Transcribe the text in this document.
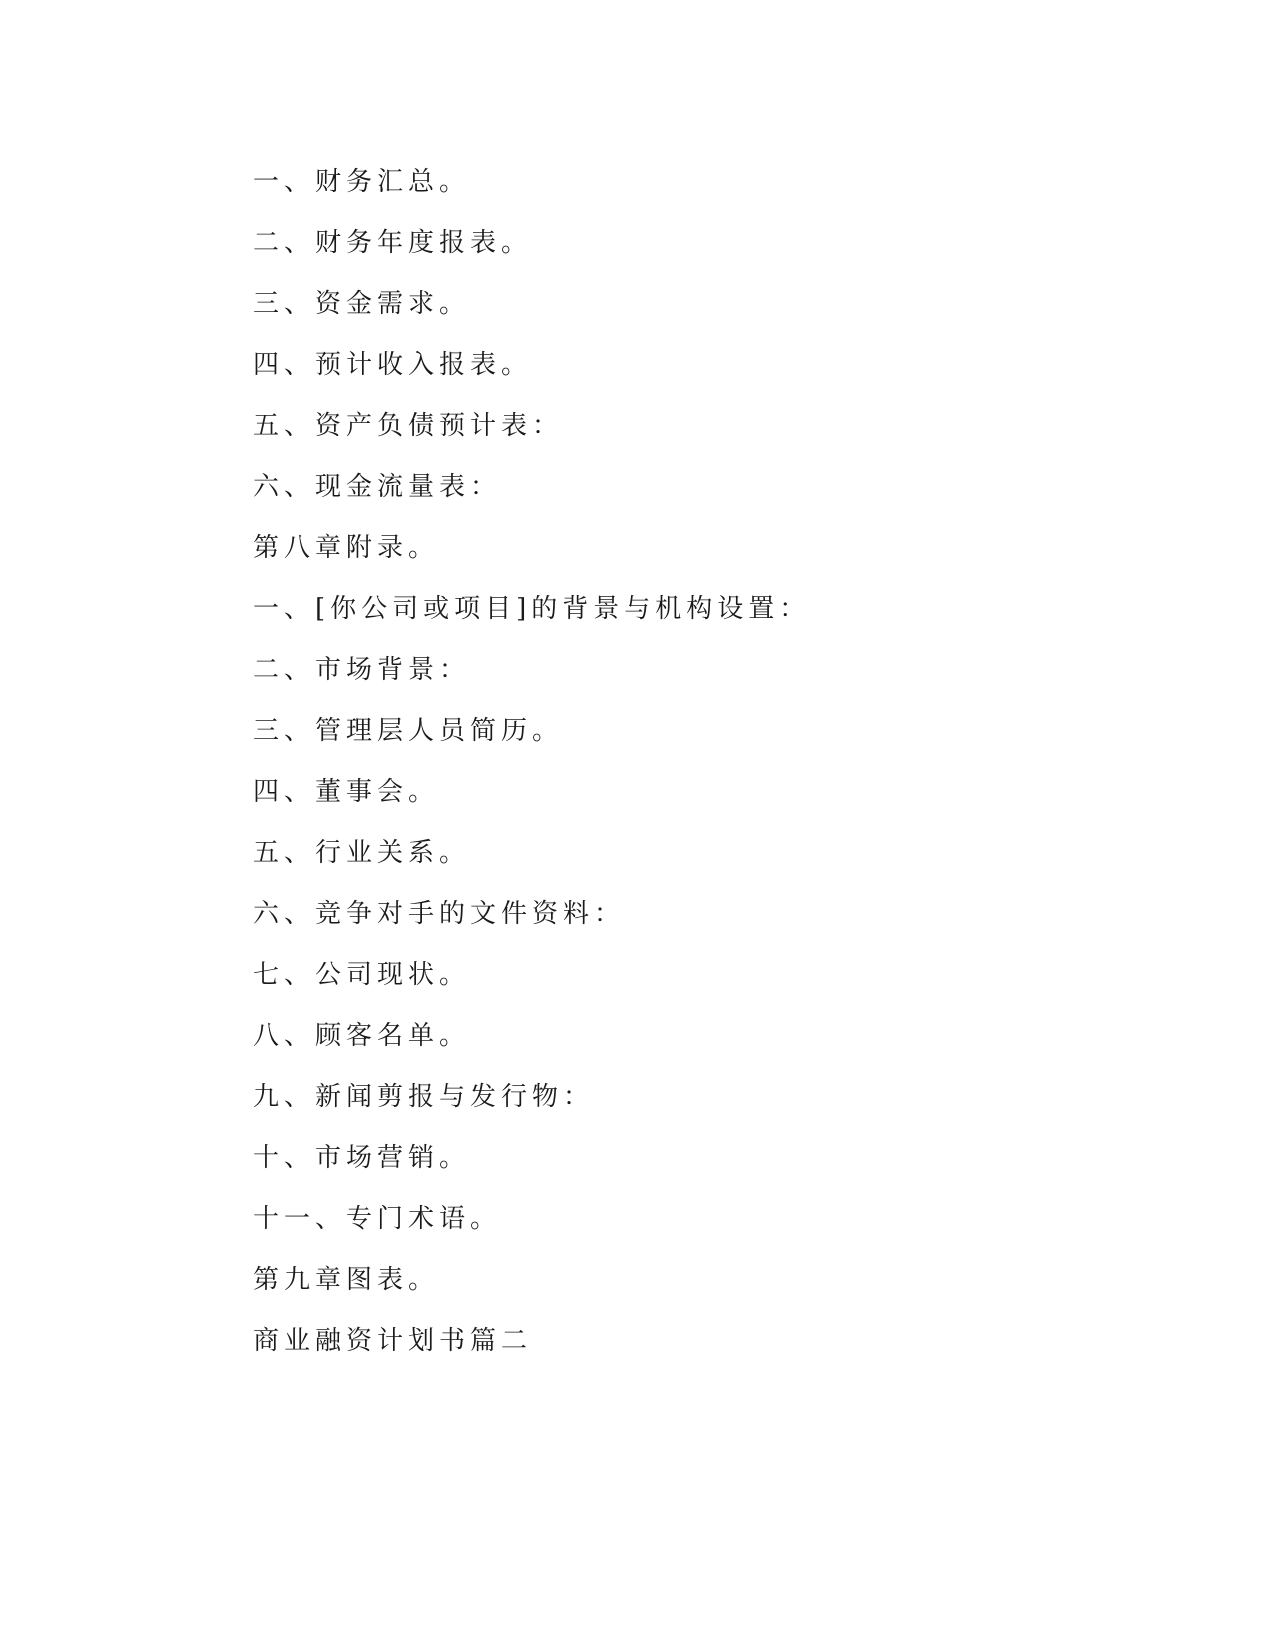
一、财务汇总。

二、财务年度报表。

三、资金需求。

四、预计收入报表。

五、资产负债预计表：

六、现金流量表：

第八章附录。

一、[你公司或项目]的背景与机构设置：

二、市场背景：

三、管理层人员简历。

四、董事会。

五、行业关系。

六、竞争对手的文件资料：

七、公司现状。

八、顾客名单。

九、新闻剪报与发行物：

十、市场营销。

十一、专门术语。

第九章图表。

商业融资计划书篇二
